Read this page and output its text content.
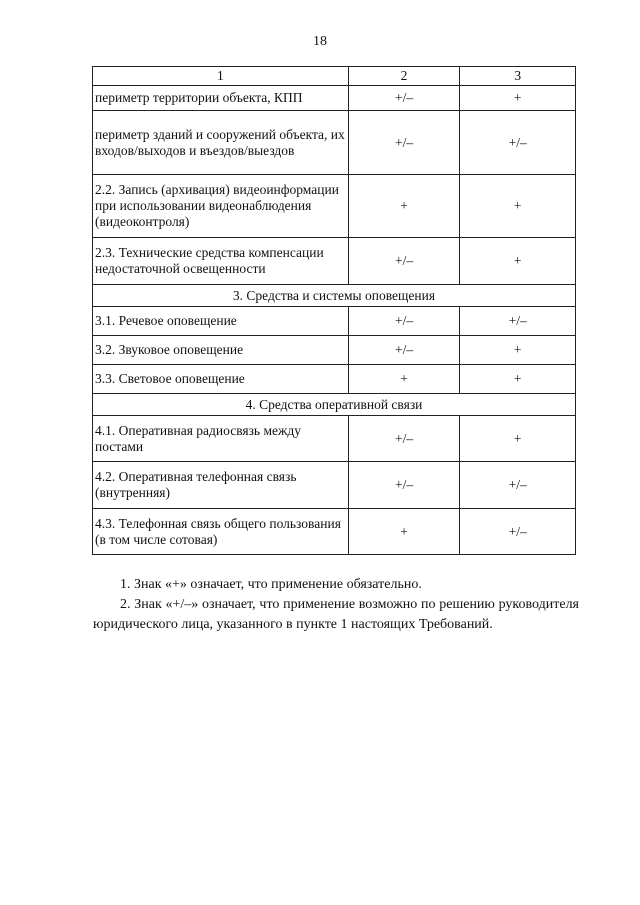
18
1	2	3
периметр территории объекта, КПП	+/–	+
периметр зданий и сооружений объекта, их входов/выходов и въездов/выездов	+/–	+/–
2.2. Запись (архивация) видеоинформации при использовании видеонаблюдения (видеоконтроля)	+	+
2.3. Технические средства компенсации недостаточной освещенности	+/–	+
3. Средства и системы оповещения		
3.1. Речевое оповещение	+/–	+/–
3.2. Звуковое оповещение	+/–	+
3.3. Световое оповещение	+	+
4. Средства оперативной связи		
4.1. Оперативная радиосвязь между постами	+/–	+
4.2. Оперативная телефонная связь (внутренняя)	+/–	+/–
4.3. Телефонная связь общего пользования (в том числе сотовая)	+	+/–

1. Знак «+» означает, что применение обязательно.

2. Знак «+/–» означает, что применение возможно по решению руководителя юридического лица, указанного в пункте 1 настоящих Требований.
